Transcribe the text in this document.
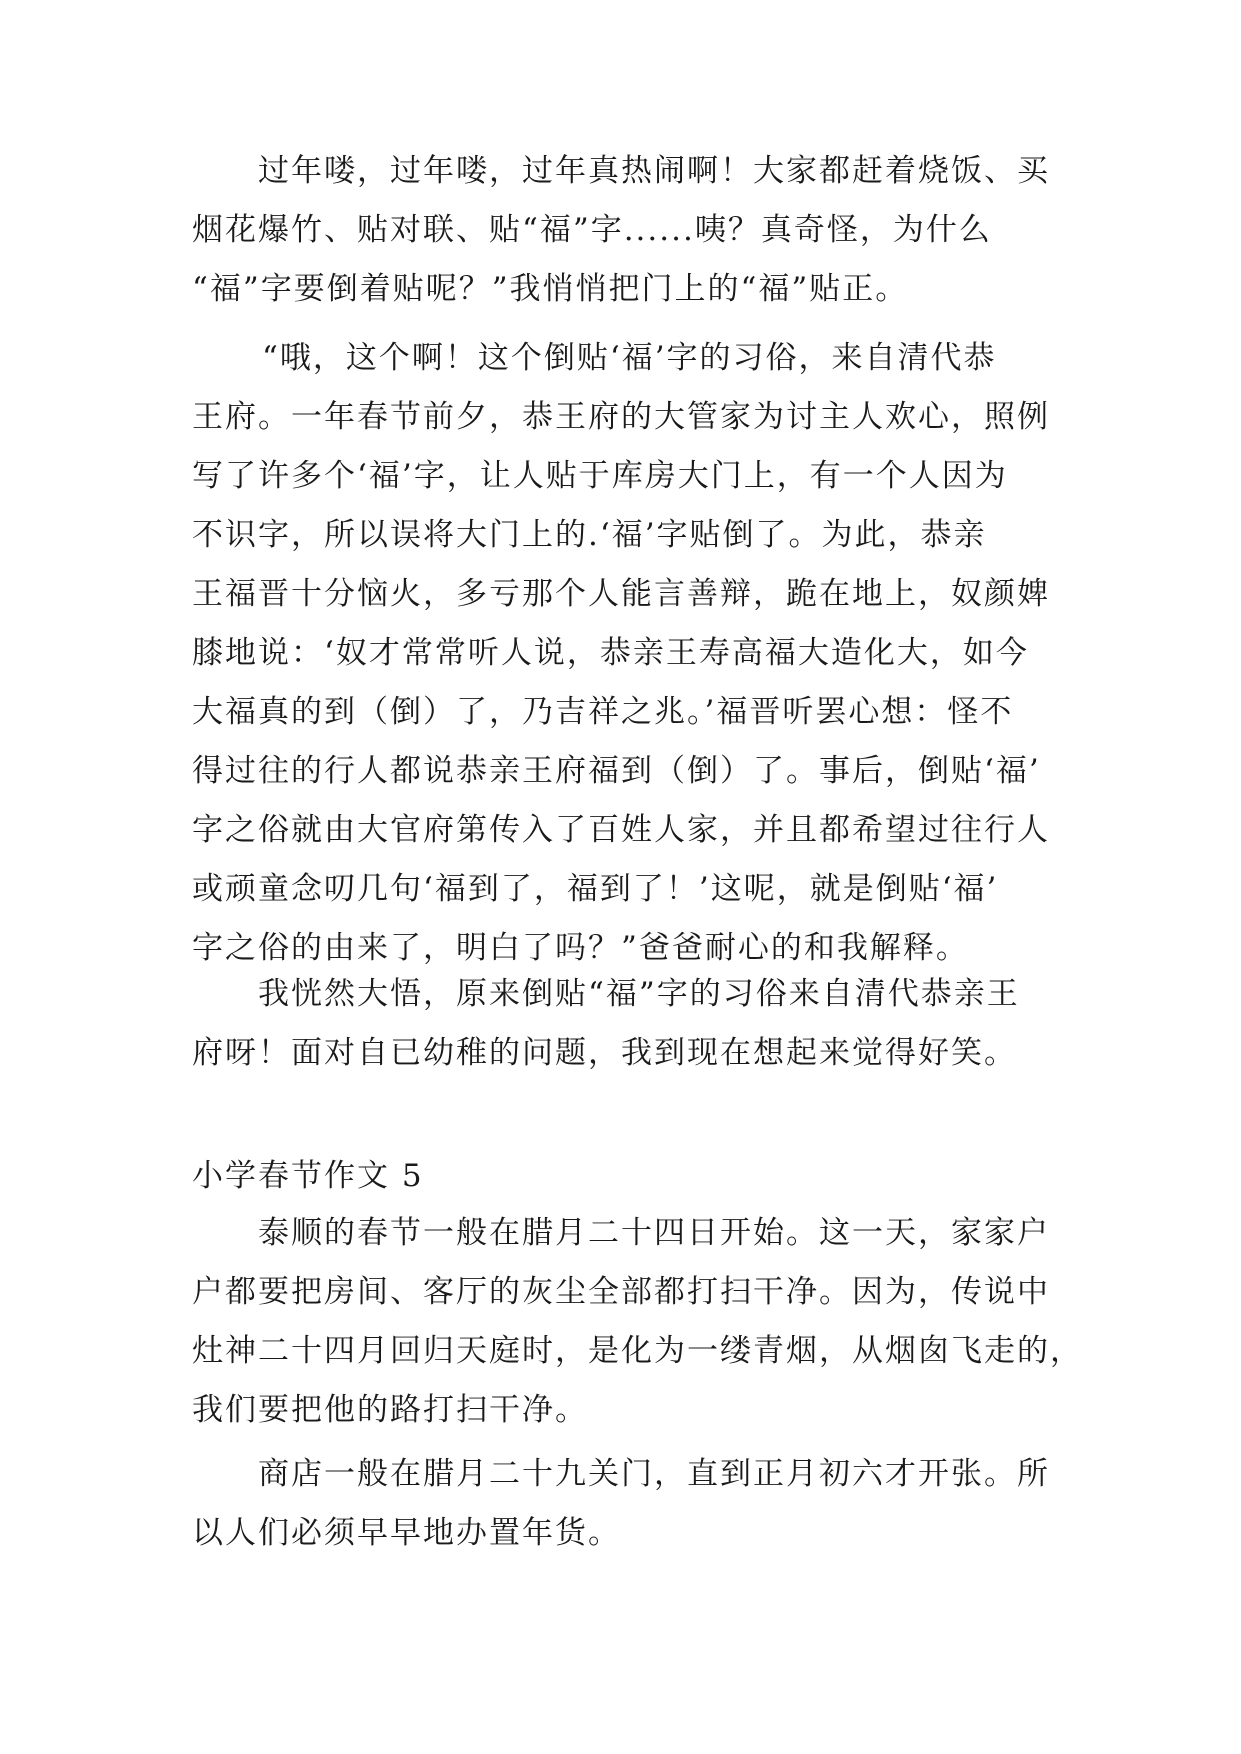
过年喽，过年喽，过年真热闹啊！大家都赶着烧饭、买
烟花爆竹、贴对联、贴“福”字......咦？真奇怪，为什么
“福”字要倒着贴呢？”我悄悄把门上的“福”贴正。
“哦，这个啊！这个倒贴‘福’字的习俗，来自清代恭
王府。一年春节前夕，恭王府的大管家为讨主人欢心，照例
写了许多个‘福’字，让人贴于库房大门上，有一个人因为
不识字，所以误将大门上的.‘福’字贴倒了。为此，恭亲
王福晋十分恼火，多亏那个人能言善辩，跪在地上，奴颜婢
膝地说：‘奴才常常听人说，恭亲王寿高福大造化大，如今
大福真的到（倒）了，乃吉祥之兆。’福晋听罢心想：怪不
得过往的行人都说恭亲王府福到（倒）了。事后，倒贴‘福’
字之俗就由大官府第传入了百姓人家，并且都希望过往行人
或顽童念叨几句‘福到了，福到了！’这呢，就是倒贴‘福’
字之俗的由来了，明白了吗？”爸爸耐心的和我解释。
我恍然大悟，原来倒贴“福”字的习俗来自清代恭亲王
府呀！面对自已幼稚的问题，我到现在想起来觉得好笑。
小学春节作文 5
泰顺的春节一般在腊月二十四日开始。这一天，家家户
户都要把房间、客厅的灰尘全部都打扫干净。因为，传说中
灶神二十四月回归天庭时，是化为一缕青烟，从烟囱飞走的，
我们要把他的路打扫干净。
商店一般在腊月二十九关门，直到正月初六才开张。所
以人们必须早早地办置年货。
